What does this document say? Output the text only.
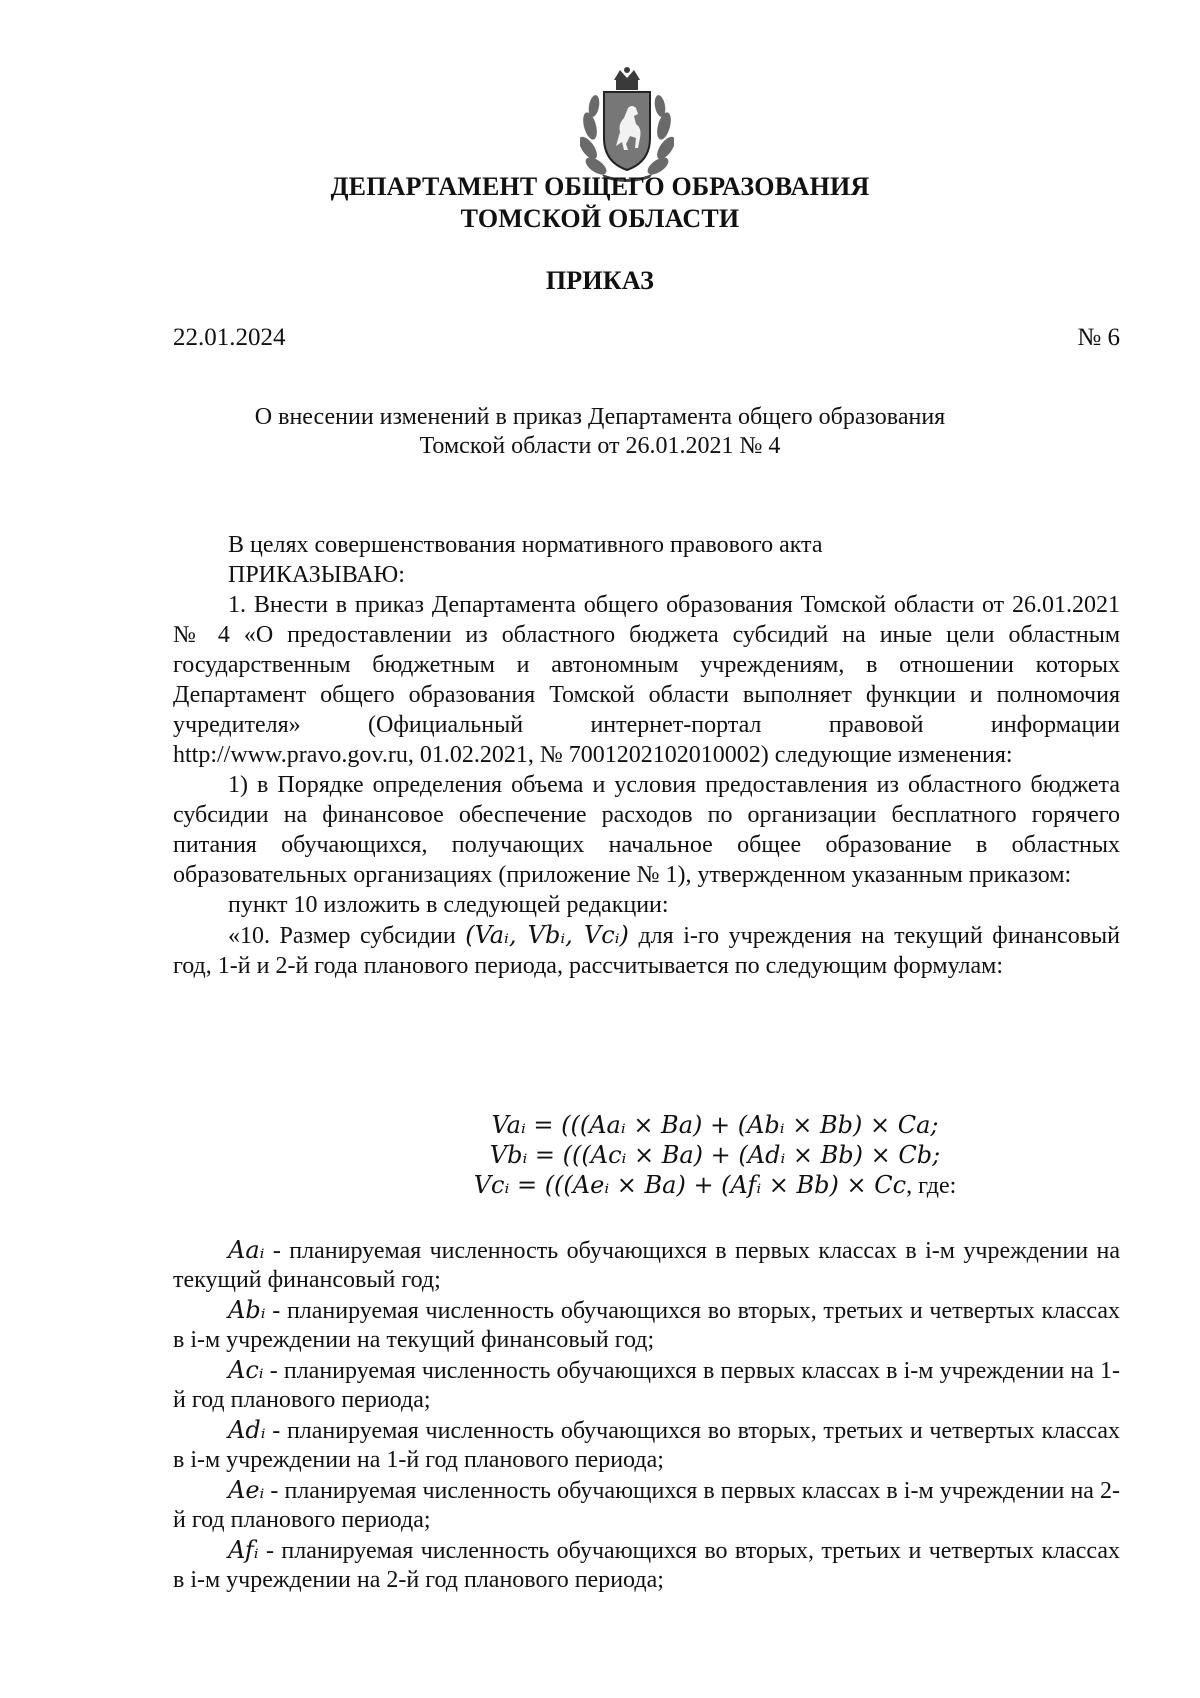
ДЕПАРТАМЕНТ ОБЩЕГО ОБРАЗОВАНИЯ
ТОМСКОЙ ОБЛАСТИ
ПРИКАЗ
22.01.2024	№ 6
О внесении изменений в приказ Департамента общего образования
Томской области от 26.01.2021 № 4

В целях совершенствования нормативного правового акта

ПРИКАЗЫВАЮ:

1. Внести в приказ Департамента общего образования Томской области от 26.01.2021 № 4 «О предоставлении из областного бюджета субсидий на иные цели областным государственным бюджетным и автономным учреждениям, в отношении которых Департамент общего образования Томской области выполняет функции и полномочия учредителя» (Официальный интернет-портал правовой информации http://www.pravo.gov.ru, 01.02.2021, № 7001202102010002) следующие изменения:

1) в Порядке определения объема и условия предоставления из областного бюджета субсидии на финансовое обеспечение расходов по организации бесплатного горячего питания обучающихся, получающих начальное общее образование в областных образовательных организациях (приложение № 1), утвержденном указанным приказом:

пункт 10 изложить в следующей редакции:

«10. Размер субсидии (Vaᵢ, Vbᵢ, Vcᵢ) для i-го учреждения на текущий финансовый год, 1-й и 2-й года планового периода, рассчитывается по следующим формулам:

Vaᵢ = (((Aaᵢ × Ba) + (Abᵢ × Bb) × Ca;
Vbᵢ = (((Acᵢ × Ba) + (Adᵢ × Bb) × Cb;
Vcᵢ = (((Aeᵢ × Ba) + (Afᵢ × Bb) × Cc, где:

Aaᵢ - планируемая численность обучающихся в первых классах в i-м учреждении на текущий финансовый год;

Abᵢ - планируемая численность обучающихся во вторых, третьих и четвертых классах в i-м учреждении на текущий финансовый год;

Acᵢ - планируемая численность обучающихся в первых классах в i-м учреждении на 1-й год планового периода;

Adᵢ - планируемая численность обучающихся во вторых, третьих и четвертых классах в i-м учреждении на 1-й год планового периода;

Aeᵢ - планируемая численность обучающихся в первых классах в i-м учреждении на 2-й год планового периода;

Afᵢ - планируемая численность обучающихся во вторых, третьих и четвертых классах в i-м учреждении на 2-й год планового периода;
